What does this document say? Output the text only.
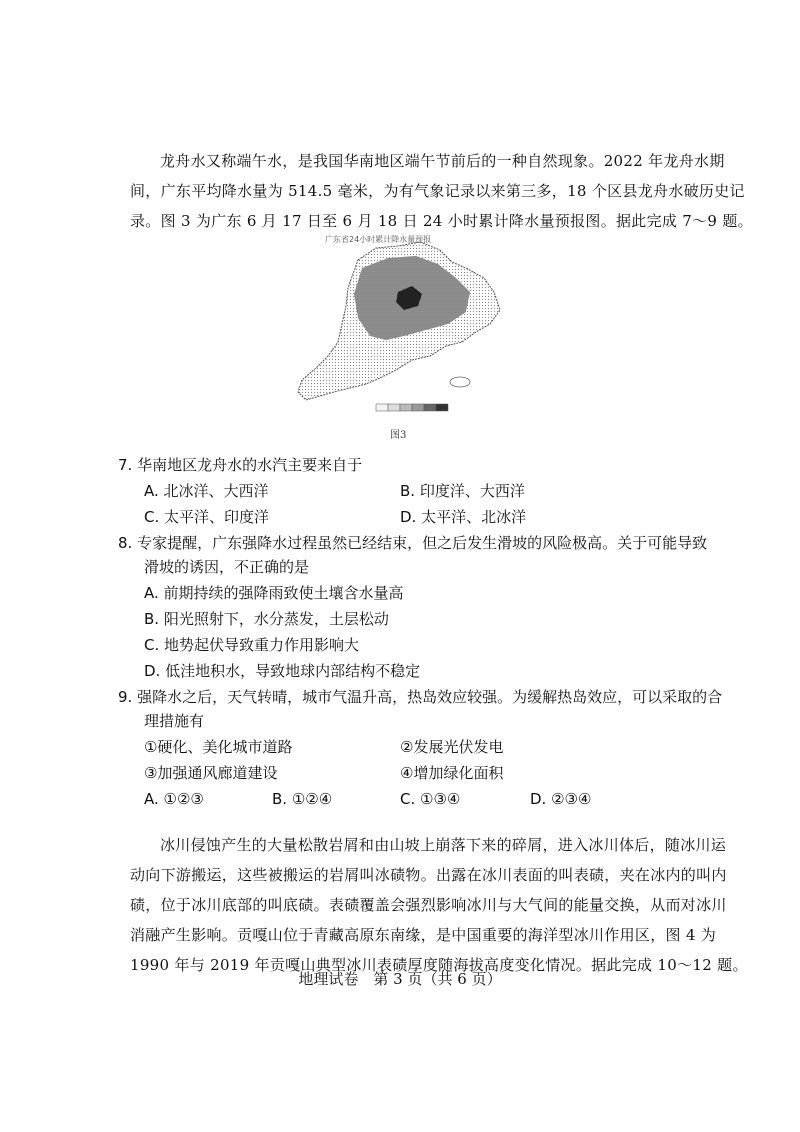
龙舟水又称端午水，是我国华南地区端午节前后的一种自然现象。2022 年龙舟水期
间，广东平均降水量为 514.5 毫米，为有气象记录以来第三多，18 个区县龙舟水破历史记
录。图 3 为广东 6 月 17 日至 6 月 18 日 24 小时累计降水量预报图。据此完成 7～9 题。
广东省24小时累计降水量预报
图3
7. 华南地区龙舟水的水汽主要来自于
A. 北冰洋、大西洋	B. 印度洋、大西洋
C. 太平洋、印度洋	D. 太平洋、北冰洋
8. 专家提醒，广东强降水过程虽然已经结束，但之后发生滑坡的风险极高。关于可能导致
滑坡的诱因，不正确的是
A. 前期持续的强降雨致使土壤含水量高
B. 阳光照射下，水分蒸发，土层松动
C. 地势起伏导致重力作用影响大
D. 低洼地积水，导致地球内部结构不稳定
9. 强降水之后，天气转晴，城市气温升高，热岛效应较强。为缓解热岛效应，可以采取的合
理措施有
①硬化、美化城市道路	②发展光伏发电
③加强通风廊道建设	④增加绿化面积
A. ①②③	B. ①②④	C. ①③④	D. ②③④
冰川侵蚀产生的大量松散岩屑和由山坡上崩落下来的碎屑，进入冰川体后，随冰川运
动向下游搬运，这些被搬运的岩屑叫冰碛物。出露在冰川表面的叫表碛，夹在冰内的叫内
碛，位于冰川底部的叫底碛。表碛覆盖会强烈影响冰川与大气间的能量交换，从而对冰川
消融产生影响。贡嘎山位于青藏高原东南缘，是中国重要的海洋型冰川作用区，图 4 为
1990 年与 2019 年贡嘎山典型冰川表碛厚度随海拔高度变化情况。据此完成 10～12 题。
地理试卷　第 3 页（共 6 页）
